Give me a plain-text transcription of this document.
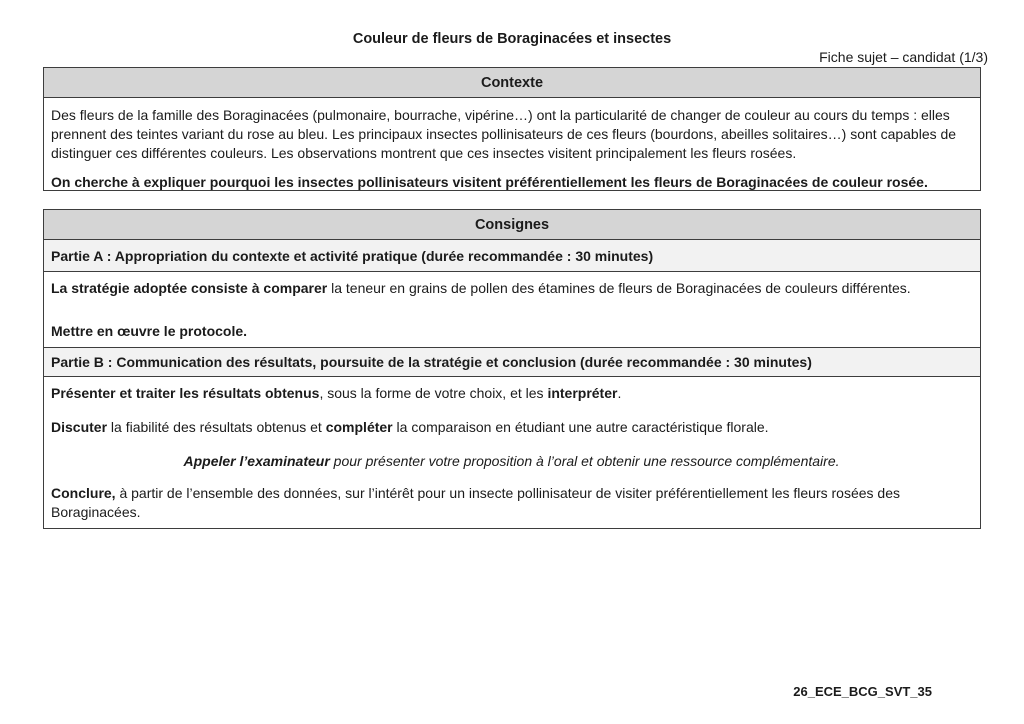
Couleur de fleurs de Boraginacées et insectes
Fiche sujet – candidat (1/3)
Contexte

Des fleurs de la famille des Boraginacées (pulmonaire, bourrache, vipérine…) ont la particularité de changer de couleur au cours du temps : elles prennent des teintes variant du rose au bleu. Les principaux insectes pollinisateurs de ces fleurs (bourdons, abeilles solitaires…) sont capables de distinguer ces différentes couleurs. Les observations montrent que ces insectes visitent principalement les fleurs rosées.

On cherche à expliquer pourquoi les insectes pollinisateurs visitent préférentiellement les fleurs de Boraginacées de couleur rosée.

Consignes
Partie A : Appropriation du contexte et activité pratique (durée recommandée : 30 minutes)

La stratégie adoptée consiste à comparer la teneur en grains de pollen des étamines de fleurs de Boraginacées de couleurs différentes.

Mettre en œuvre le protocole.

Partie B : Communication des résultats, poursuite de la stratégie et conclusion (durée recommandée : 30 minutes)

Présenter et traiter les résultats obtenus, sous la forme de votre choix, et les interpréter.

Discuter la fiabilité des résultats obtenus et compléter la comparaison en étudiant une autre caractéristique florale.

Appeler l’examinateur pour présenter votre proposition à l’oral et obtenir une ressource complémentaire.

Conclure, à partir de l’ensemble des données, sur l’intérêt pour un insecte pollinisateur de visiter préférentiellement les fleurs rosées des Boraginacées.

26_ECE_BCG_SVT_35
